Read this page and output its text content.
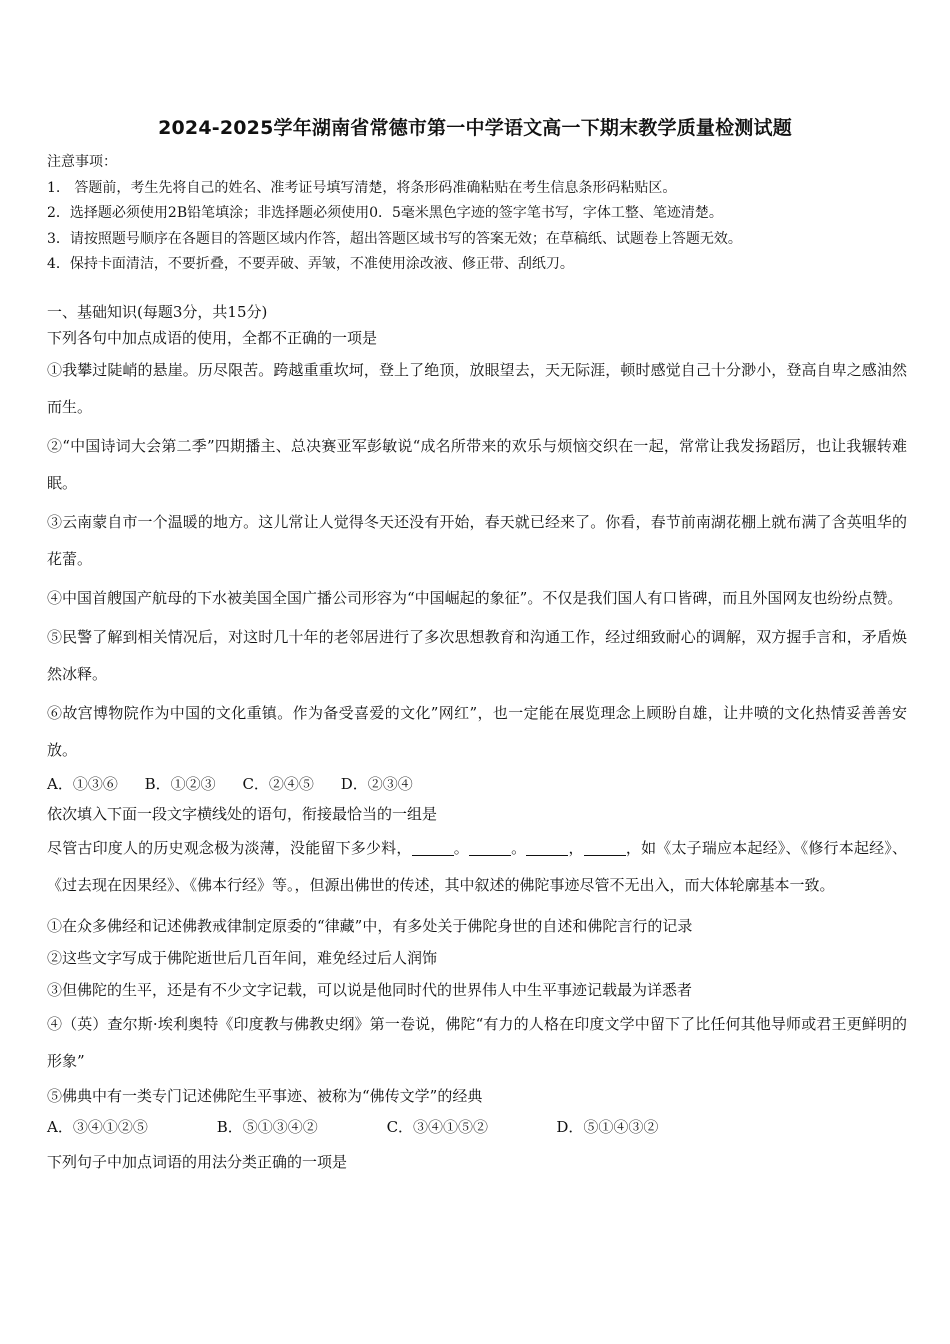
2024-2025学年湖南省常德市第一中学语文高一下期末教学质量检测试题
注意事项：
1.　答题前，考生先将自己的姓名、准考证号填写清楚，将条形码准确粘贴在考生信息条形码粘贴区。
2．选择题必须使用2B铅笔填涂；非选择题必须使用0．5毫米黑色字迹的签字笔书写，字体工整、笔迹清楚。
3．请按照题号顺序在各题目的答题区域内作答，超出答题区域书写的答案无效；在草稿纸、试题卷上答题无效。
4．保持卡面清洁，不要折叠，不要弄破、弄皱，不准使用涂改液、修正带、刮纸刀。
一、基础知识(每题3分，共15分)
下列各句中加点成语的使用，全都不正确的一项是
①我攀过陡峭的悬崖。历尽限苦。跨越重重坎坷，登上了绝顶，放眼望去，天无际涯，顿时感觉自己十分渺小，登高自卑之感油然而生。
②“中国诗词大会第二季”四期播主、总决赛亚军彭敏说“成名所带来的欢乐与烦恼交织在一起，常常让我发扬蹈厉，也让我辗转难眠。
③云南蒙自市一个温暖的地方。这儿常让人觉得冬天还没有开始，春天就已经来了。你看，春节前南湖花棚上就布满了含英咀华的花蕾。
④中国首艘国产航母的下水被美国全国广播公司形容为“中国崛起的象征”。不仅是我们国人有口皆碑，而且外国网友也纷纷点赞。
⑤民警了解到相关情况后，对这时几十年的老邻居进行了多次思想教育和沟通工作，经过细致耐心的调解，双方握手言和，矛盾焕然冰释。
⑥故宫博物院作为中国的文化重镇。作为备受喜爱的文化”网红”，也一定能在展览理念上顾盼自雄，让井喷的文化热情妥善善安放。
A．①③⑥ B．①②③ C．②④⑤ D．②③④
依次填入下面一段文字横线处的语句，衔接最恰当的一组是
尽管古印度人的历史观念极为淡薄，没能留下多少料，	。	。	，	，如《太子瑞应本起经》、《修行本起经》、《过去现在因果经》、《佛本行经》等。，但源出佛世的传述，其中叙述的佛陀事迹尽管不无出入，而大体轮廓基本一致。
①在众多佛经和记述佛教戒律制定原委的“律藏”中，有多处关于佛陀身世的自述和佛陀言行的记录
②这些文字写成于佛陀逝世后几百年间，难免经过后人润饰
③但佛陀的生平，还是有不少文字记载，可以说是他同时代的世界伟人中生平事迹记载最为详悉者
④（英）查尔斯·埃利奥特《印度教与佛教史纲》第一卷说，佛陀“有力的人格在印度文学中留下了比任何其他导师或君王更鲜明的形象”
⑤佛典中有一类专门记述佛陀生平事迹、被称为“佛传文学”的经典
A．③④①②⑤	B．⑤①③④②	C．③④①⑤②	D．⑤①④③②
下列句子中加点词语的用法分类正确的一项是
